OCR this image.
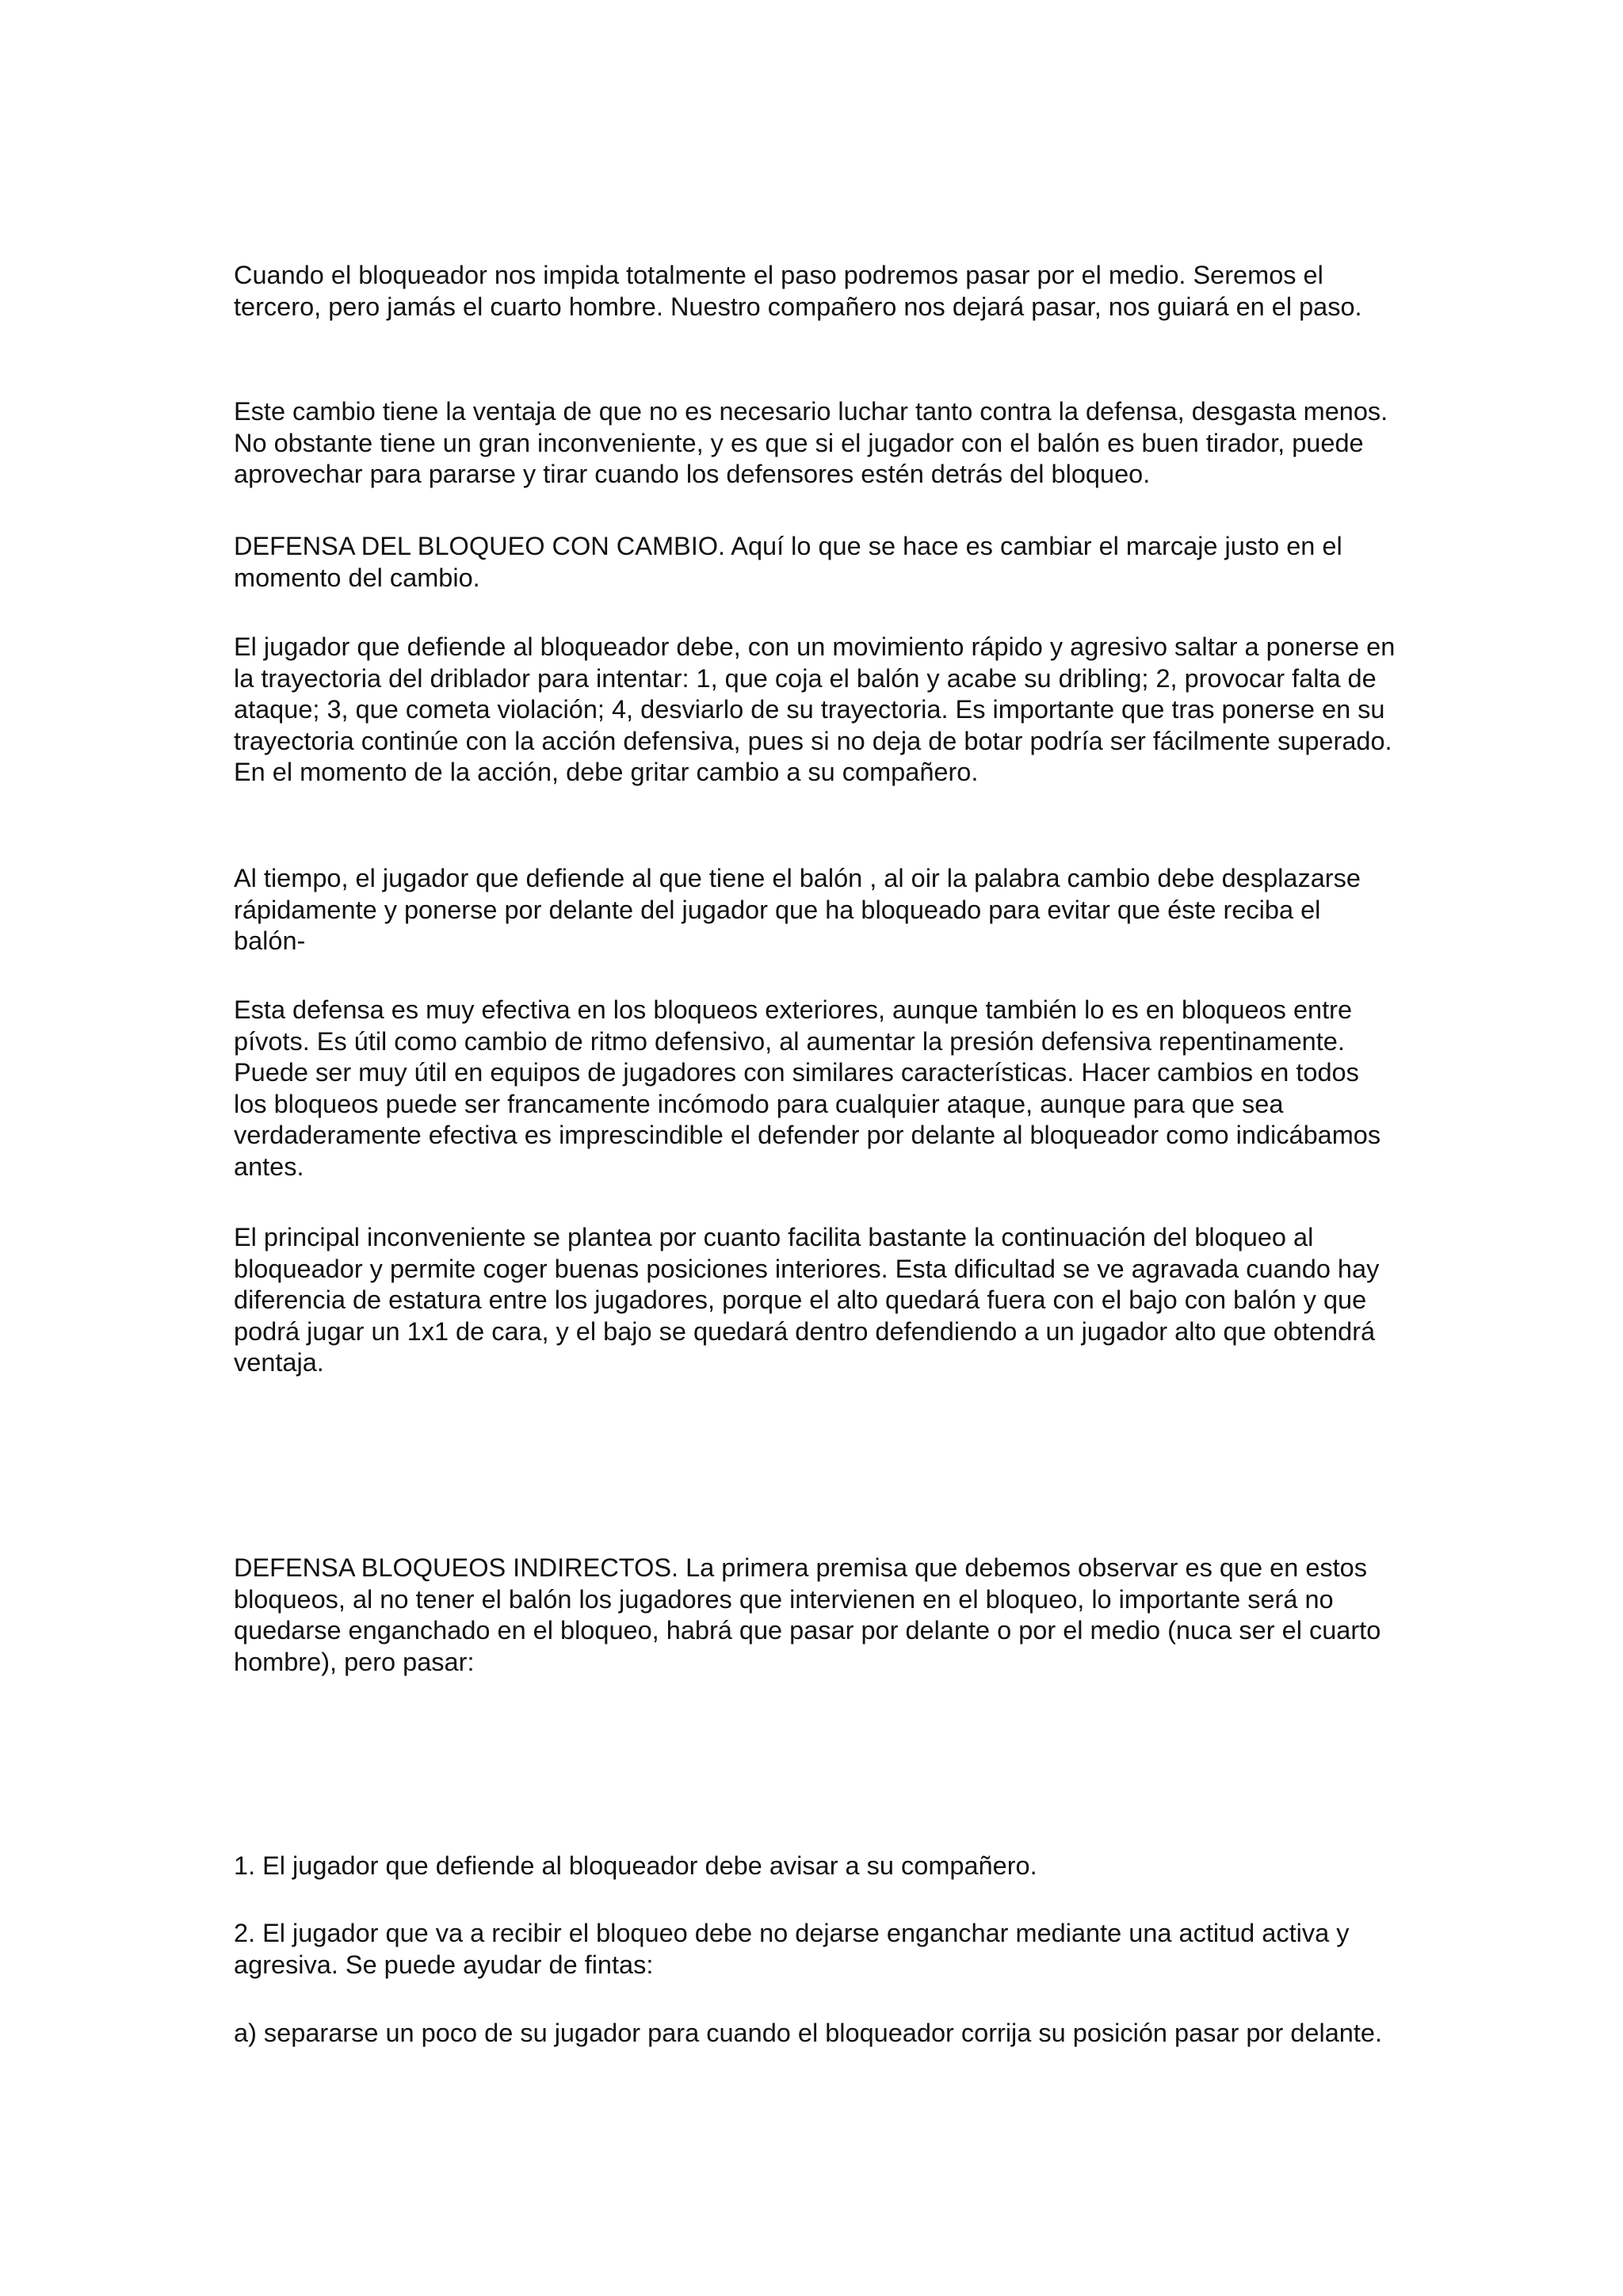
Cuando el bloqueador nos impida totalmente el paso podremos pasar por el medio. Seremos el tercero, pero jamás el cuarto hombre. Nuestro compañero nos dejará pasar, nos guiará en el paso.

Este cambio tiene la ventaja de que no es necesario luchar tanto contra la defensa, desgasta menos. No obstante tiene un gran inconveniente, y es que si el jugador con el balón es buen tirador, puede aprovechar para pararse y tirar cuando los defensores estén detrás del bloqueo.

DEFENSA DEL BLOQUEO CON CAMBIO. Aquí lo que se hace es cambiar el marcaje justo en el momento del cambio.

El jugador que defiende al bloqueador debe, con un movimiento rápido y agresivo saltar a ponerse en la trayectoria del driblador para intentar: 1, que coja el balón y acabe su dribling; 2, provocar falta de ataque; 3, que cometa violación; 4, desviarlo de su trayectoria. Es importante que tras ponerse en su trayectoria continúe con la acción defensiva, pues si no deja de botar podría ser fácilmente superado. En el momento de la acción, debe gritar cambio a su compañero.

Al tiempo, el jugador que defiende al que tiene el balón , al oir la palabra cambio debe desplazarse rápidamente y ponerse por delante del jugador que ha bloqueado para evitar que éste reciba el balón-

Esta defensa es muy efectiva en los bloqueos exteriores, aunque también lo es en bloqueos entre pívots. Es útil como cambio de ritmo defensivo, al aumentar la presión defensiva repentinamente. Puede ser muy útil en equipos de jugadores con similares características. Hacer cambios en todos los bloqueos puede ser francamente incómodo para cualquier ataque, aunque para que sea verdaderamente efectiva es imprescindible el defender por delante al bloqueador como indicábamos antes.

El principal inconveniente se plantea por cuanto facilita bastante la continuación del bloqueo al bloqueador y permite coger buenas posiciones interiores. Esta dificultad se ve agravada cuando hay diferencia de estatura entre los jugadores, porque el alto quedará fuera con el bajo con balón y que podrá jugar un 1x1 de cara, y el bajo se quedará dentro defendiendo a un jugador alto que obtendrá ventaja.

DEFENSA BLOQUEOS INDIRECTOS. La primera premisa que debemos observar es que en estos bloqueos, al no tener el balón los jugadores que intervienen en el bloqueo, lo importante será no quedarse enganchado en el bloqueo, habrá que pasar por delante o por el medio (nuca ser el cuarto hombre), pero pasar:

1. El jugador que defiende al bloqueador debe avisar a su compañero.

2. El jugador que va a recibir el bloqueo debe no dejarse enganchar mediante una actitud activa y agresiva. Se puede ayudar de fintas:

a) separarse un poco de su jugador para cuando el bloqueador corrija su posición pasar por delante.
